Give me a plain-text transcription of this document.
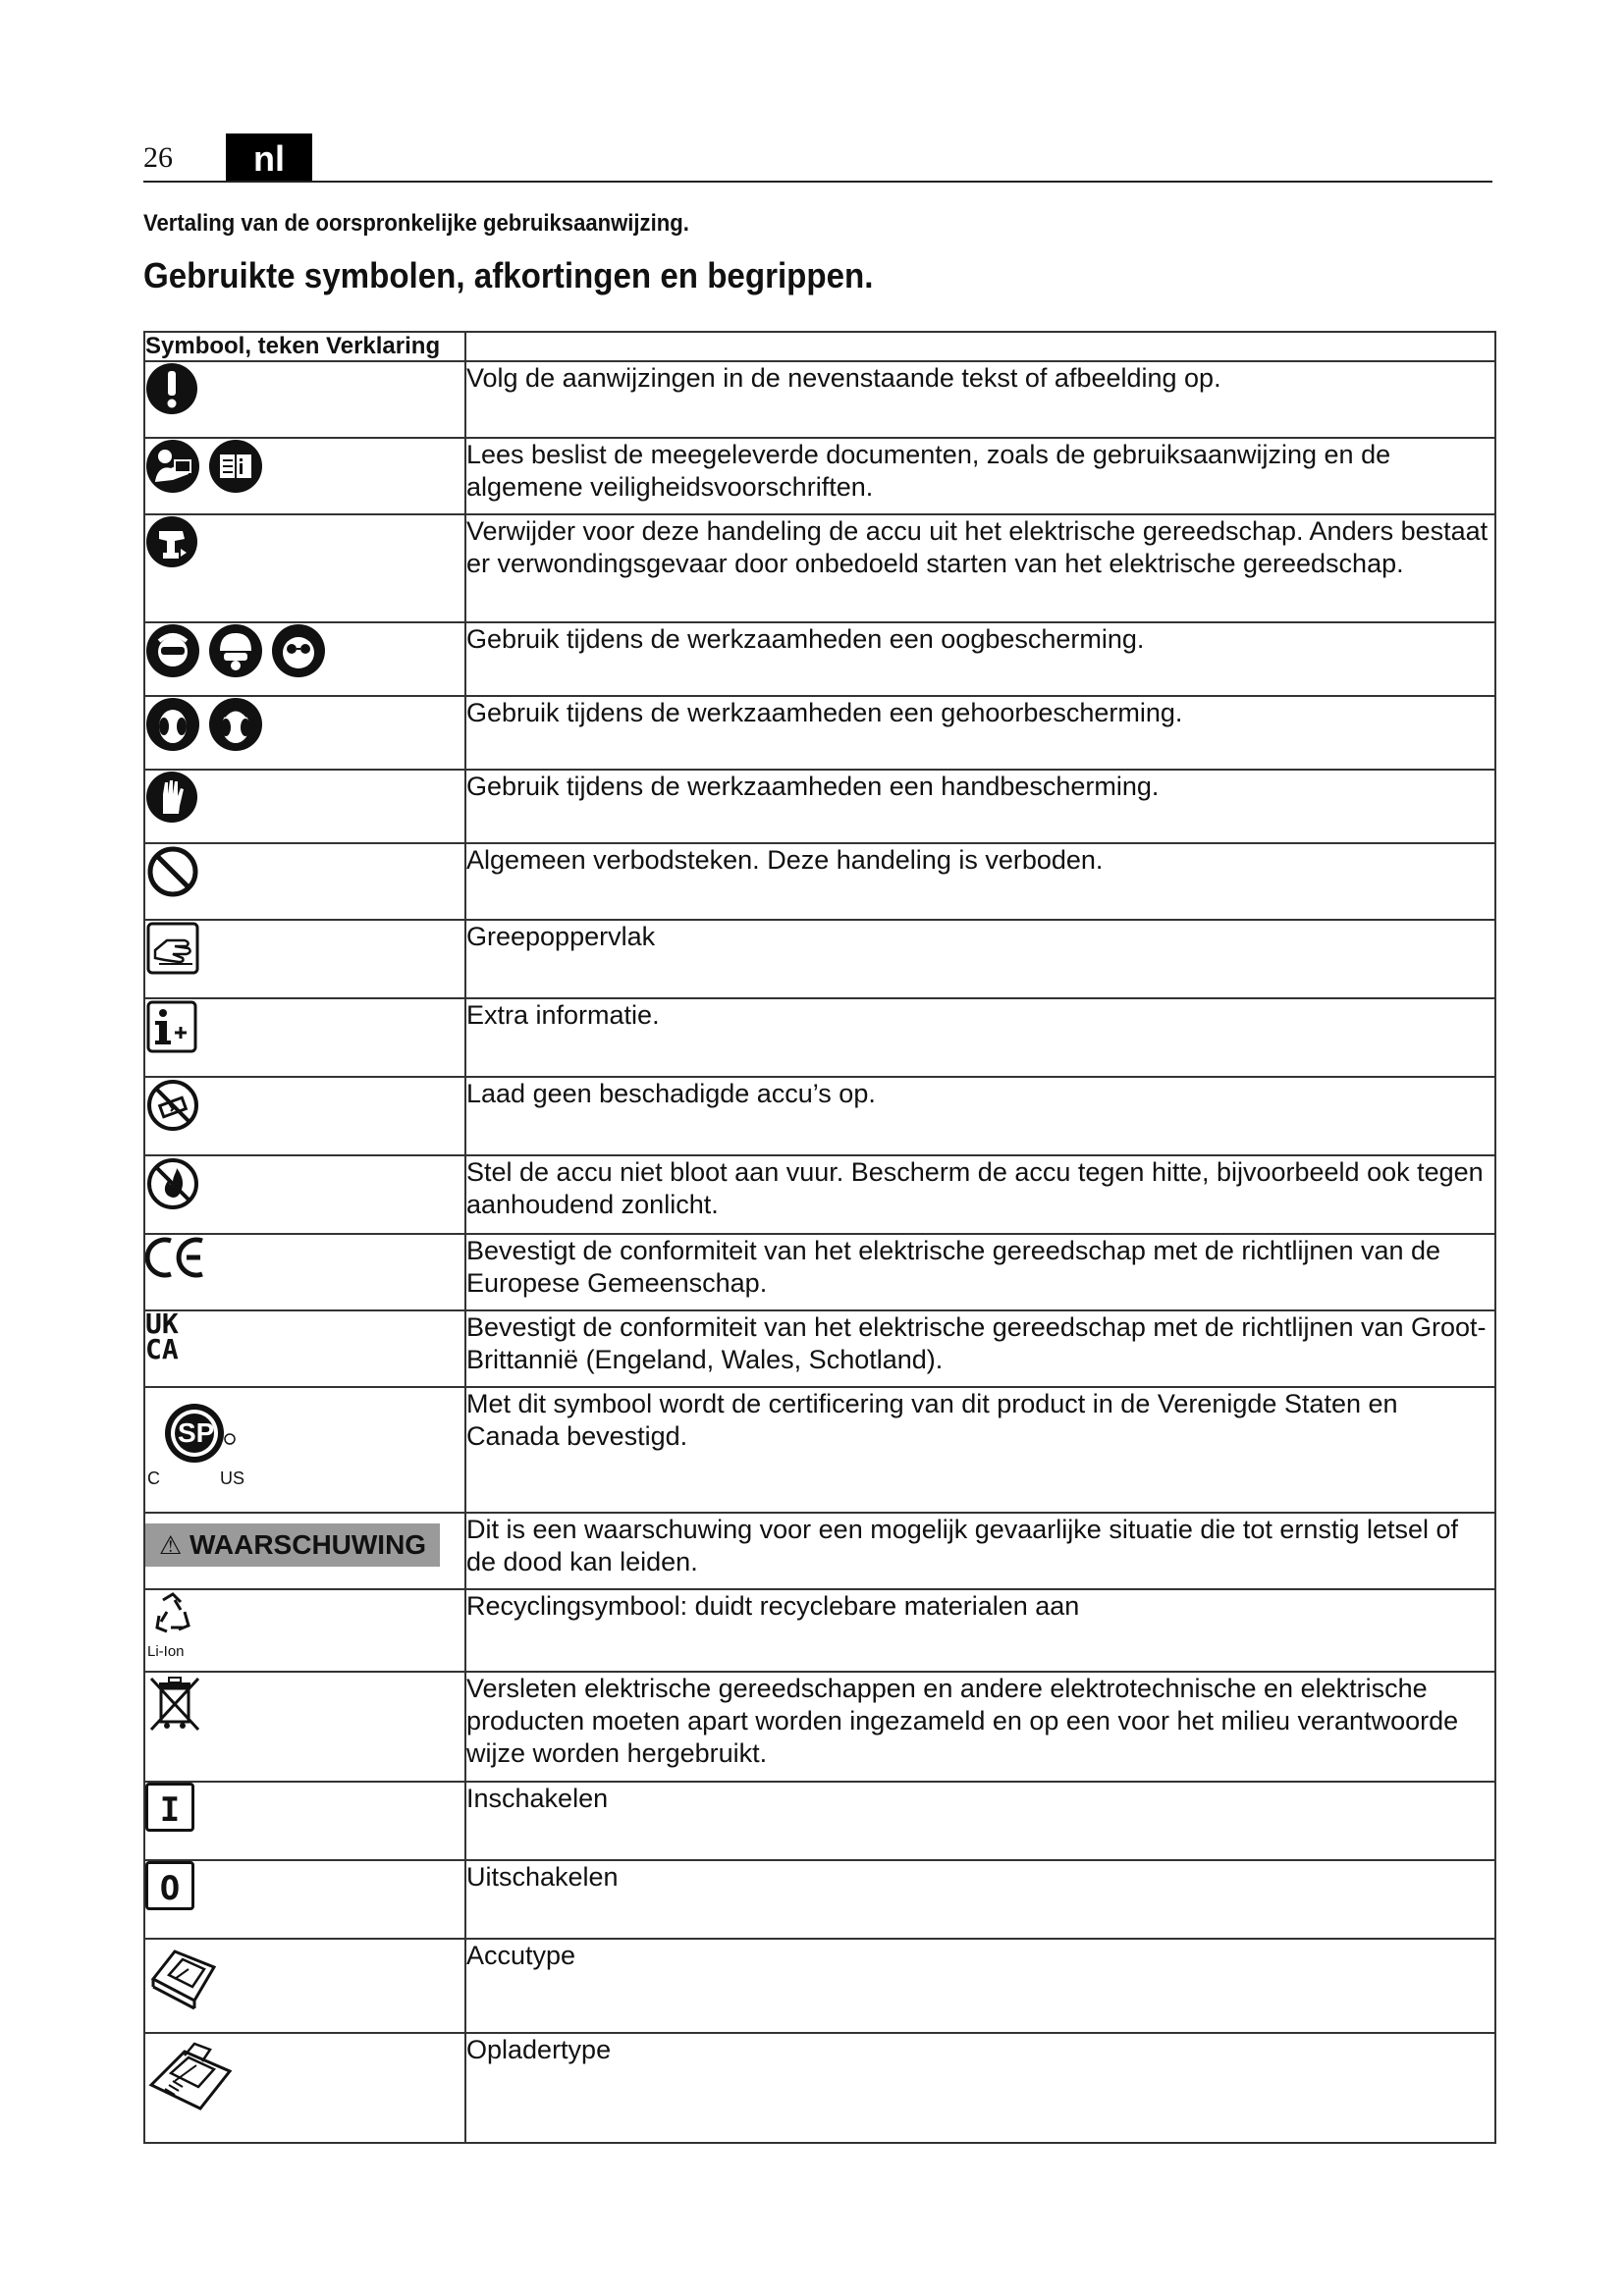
26	nl
Vertaling van de oorspronkelijke gebruiksaanwijzing.
Gebruikte symbolen, afkortingen en begrippen.
Symbool, teken Verklaring	

	Volg de aanwijzingen in de nevenstaande tekst of afbeelding op.

	Lees beslist de meegeleverde documenten, zoals de gebruiksaanwijzing en de algemene veiligheidsvoorschriften.

	Verwijder voor deze handeling de accu uit het elektrische gereedschap. Anders bestaat er verwondingsgevaar door onbedoeld starten van het elektrische gereedschap.

	Gebruik tijdens de werkzaamheden een oogbescherming.

	Gebruik tijdens de werkzaamheden een gehoorbescherming.

	Gebruik tijdens de werkzaamheden een handbescherming.

	Algemeen verbodsteken. Deze handeling is verboden.

	Greepoppervlak

	Extra informatie.

	Laad geen beschadigde accu’s op.

	Stel de accu niet bloot aan vuur. Bescherm de accu tegen hitte, bijvoorbeeld ook tegen aanhoudend zonlicht.

	Bevestigt de conformiteit van het elektrische gereedschap met de richtlijnen van de Europese Gemeenschap.

UK
CA	Bevestigt de conformiteit van het elektrische gereedschap met de richtlijnen van Groot-Brittannië (Engeland, Wales, Schotland).

SP
C US	Met dit symbool wordt de certificering van dit product in de Verenigde Staten en Canada bevestigd.
⚠ WAARSCHUWING	Dit is een waarschuwing voor een mogelijk gevaarlijke situatie die tot ernstig letsel of de dood kan leiden.

Li-Ion	Recyclingsymbool: duidt recyclebare materialen aan

	Versleten elektrische gereedschappen en andere elektrotechnische en elektrische producten moeten apart worden ingezameld en op een voor het milieu verantwoorde wijze worden hergebruikt.

I	Inschakelen

O	Uitschakelen

	Accutype

	Opladertype
